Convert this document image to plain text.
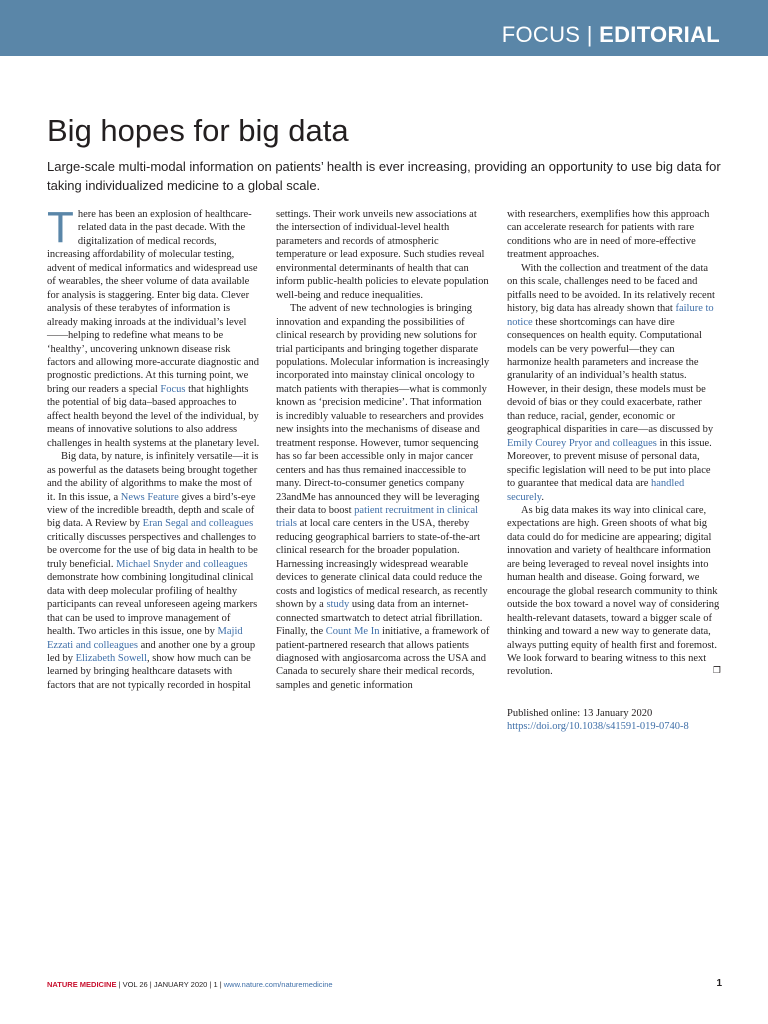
FOCUS | EDITORIAL
Big hopes for big data
Large-scale multi-modal information on patients’ health is ever increasing, providing an opportunity to use big data for taking individualized medicine to a global scale.

There has been an explosion of healthcare-related data in the past decade. With the digitalization of medical records, increasing affordability of molecular testing, advent of medical informatics and widespread use of wearables, the sheer volume of data available for analysis is staggering. Enter big data. Clever analysis of these terabytes of information is already making inroads at the individual’s level——helping to redefine what means to be ‘healthy’, uncovering unknown disease risk factors and allowing more-accurate diagnostic and prognostic predictions. At this turning point, we bring our readers a special Focus that highlights the potential of big data–based approaches to affect health beyond the level of the individual, by means of innovative solutions to also address challenges in health systems at the planetary level.

Big data, by nature, is infinitely versatile—it is as powerful as the datasets being brought together and the ability of algorithms to make the most of it. In this issue, a News Feature gives a bird’s-eye view of the incredible breadth, depth and scale of big data. A Review by Eran Segal and colleagues critically discusses perspectives and challenges to be overcome for the use of big data in health to be truly beneficial. Michael Snyder and colleagues demonstrate how combining longitudinal clinical data with deep molecular profiling of healthy participants can reveal unforeseen ageing markers that can be used to improve management of health. Two articles in this issue, one by Majid Ezzati and colleagues and another one by a group led by Elizabeth Sowell, show how much can be learned by bringing healthcare datasets with factors that are not typically recorded in hospital

settings. Their work unveils new associations at the intersection of individual-level health parameters and records of atmospheric temperature or lead exposure. Such studies reveal environmental determinants of health that can inform public-health policies to elevate population well-being and reduce inequalities.

The advent of new technologies is bringing innovation and expanding the possibilities of clinical research by providing new solutions for trial participants and bringing together disparate populations. Molecular information is increasingly incorporated into mainstay clinical oncology to match patients with therapies—what is commonly known as ‘precision medicine’. That information is incredibly valuable to researchers and provides new insights into the mechanisms of disease and treatment response. However, tumor sequencing has so far been accessible only in major cancer centers and has thus remained inaccessible to many. Direct-to-consumer genetics company 23andMe has announced they will be leveraging their data to boost patient recruitment in clinical trials at local care centers in the USA, thereby reducing geographical barriers to state-of-the-art clinical research for the broader population. Harnessing increasingly widespread wearable devices to generate clinical data could reduce the costs and logistics of medical research, as recently shown by a study using data from an internet-connected smartwatch to detect atrial fibrillation. Finally, the Count Me In initiative, a framework of patient-partnered research that allows patients diagnosed with angiosarcoma across the USA and Canada to securely share their medical records, samples and genetic information

with researchers, exemplifies how this approach can accelerate research for patients with rare conditions who are in need of more-effective treatment approaches.

With the collection and treatment of the data on this scale, challenges need to be faced and pitfalls need to be avoided. In its relatively recent history, big data has already shown that failure to notice these shortcomings can have dire consequences on health equity. Computational models can be very powerful—they can harmonize health parameters and increase the granularity of an individual’s health status. However, in their design, these models must be devoid of bias or they could exacerbate, rather than reduce, racial, gender, economic or geographical disparities in care—as discussed by Emily Courey Pryor and colleagues in this issue. Moreover, to prevent misuse of personal data, specific legislation will need to be put into place to guarantee that medical data are handled securely.

As big data makes its way into clinical care, expectations are high. Green shoots of what big data could do for medicine are appearing; digital innovation and variety of healthcare information are being leveraged to reveal novel insights into human health and disease. Going forward, we encourage the global research community to think outside the box toward a novel way of considering health-relevant datasets, toward a bigger scale of thinking and toward a new way to generate data, always putting equity of health first and foremost. We look forward to bearing witness to this next revolution.	❐

Published online: 13 January 2020
https://doi.org/10.1038/s41591-019-0740-8
NATURE MEDICINE | VOL 26 | JANUARY 2020 | 1 | www.nature.com/naturemedicine	1
